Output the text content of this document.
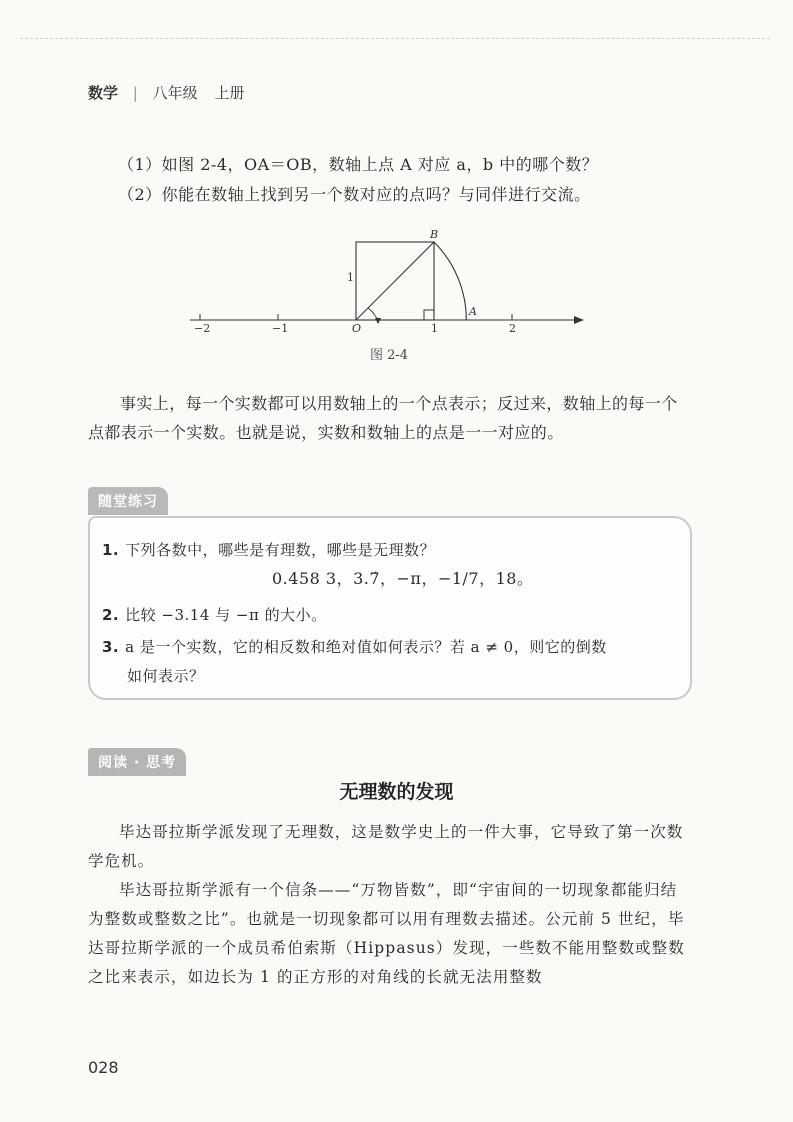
数学 | 八年级 上册
（1）如图 2-4，OA＝OB，数轴上点 A 对应 a，b 中的哪个数？
（2）你能在数轴上找到另一个数对应的点吗？与同伴进行交流。
B
A
O
1
−2	−1	1	2
图 2-4
事实上，每一个实数都可以用数轴上的一个点表示；反过来，数轴上的每一个点都表示一个实数。也就是说，实数和数轴上的点是一一对应的。
随堂练习
1. 下列各数中，哪些是有理数，哪些是无理数？
0.458 3，3.7̇，−π，−1/7，18。
2. 比较 −3.14 与 −π 的大小。
3. a 是一个实数，它的相反数和绝对值如何表示？若 a ≠ 0，则它的倒数
如何表示？
阅读 · 思考
无理数的发现
毕达哥拉斯学派发现了无理数，这是数学史上的一件大事，它导致了第一次数学危机。
毕达哥拉斯学派有一个信条——“万物皆数”，即“宇宙间的一切现象都能归结为整数或整数之比”。也就是一切现象都可以用有理数去描述。公元前 5 世纪，毕达哥拉斯学派的一个成员希伯索斯（Hippasus）发现，一些数不能用整数或整数之比来表示，如边长为 1 的正方形的对角线的长就无法用整数
028
